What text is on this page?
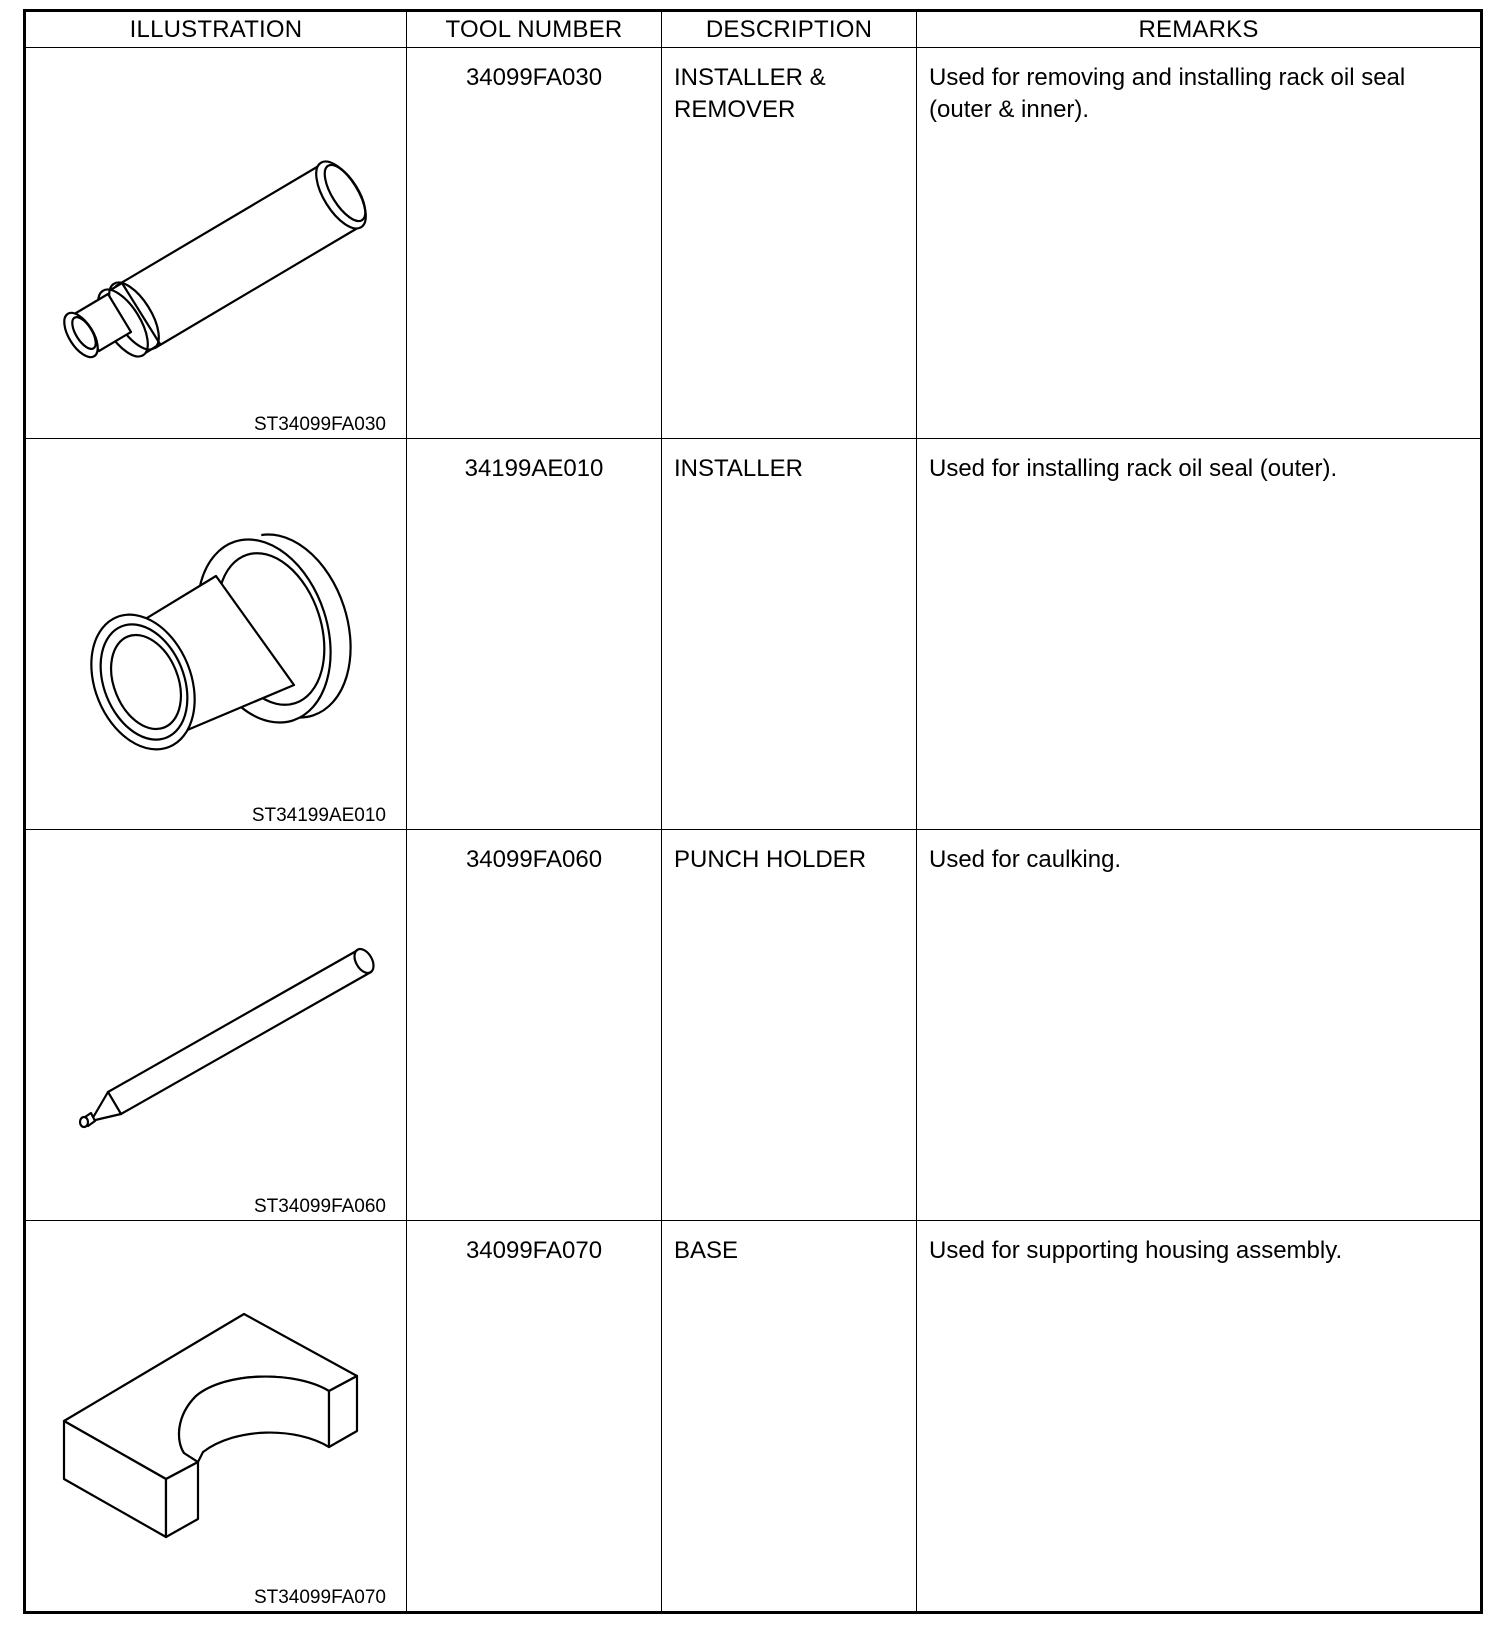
ILLUSTRATION	TOOL NUMBER	DESCRIPTION	REMARKS

ST34099FA030	34099FA030	INSTALLER & REMOVER	Used for removing and installing rack oil seal (outer & inner).

ST34199AE010	34199AE010	INSTALLER	Used for installing rack oil seal (outer).

ST34099FA060	34099FA060	PUNCH HOLDER	Used for caulking.

ST34099FA070	34099FA070	BASE	Used for supporting housing assembly.
